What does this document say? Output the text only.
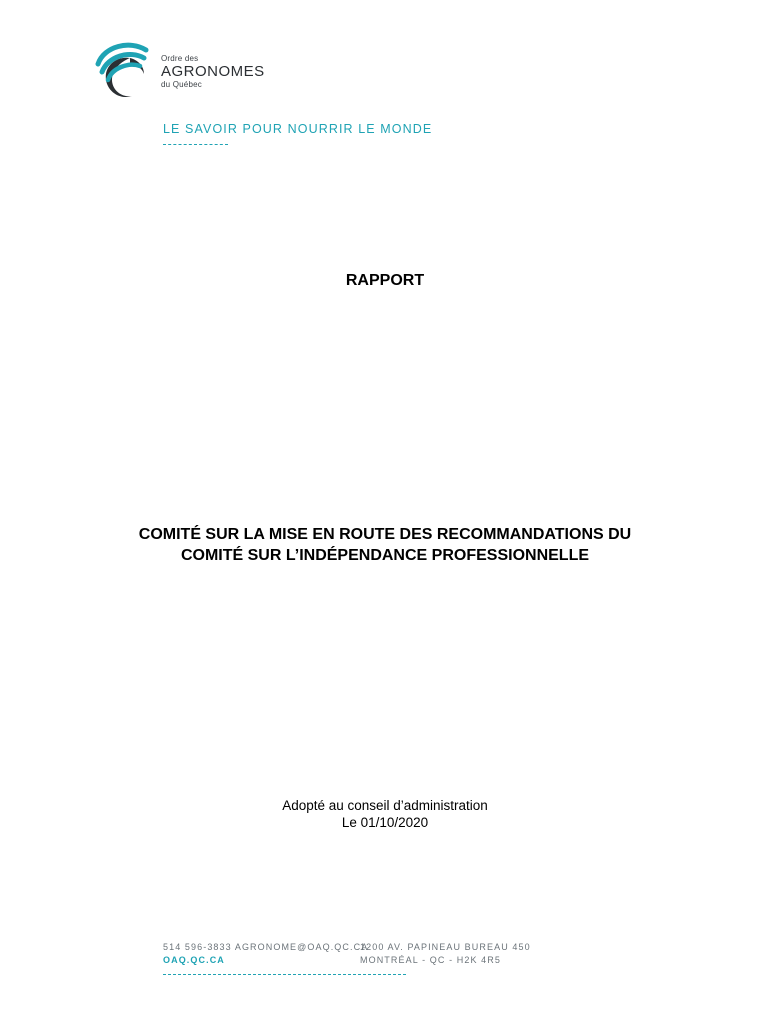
Ordre des
AGRONOMES
du Québec
LE SAVOIR POUR NOURRIR LE MONDE
RAPPORT
COMITÉ SUR LA MISE EN ROUTE DES RECOMMANDATIONS DU
COMITÉ SUR L’INDÉPENDANCE PROFESSIONNELLE
Adopté au conseil d’administration
Le 01/10/2020
514 596-3833 AGRONOME@OAQ.QC.CA
OAQ.QC.CA
1200 AV. PAPINEAU BUREAU 450
MONTRÉAL - QC - H2K 4R5
